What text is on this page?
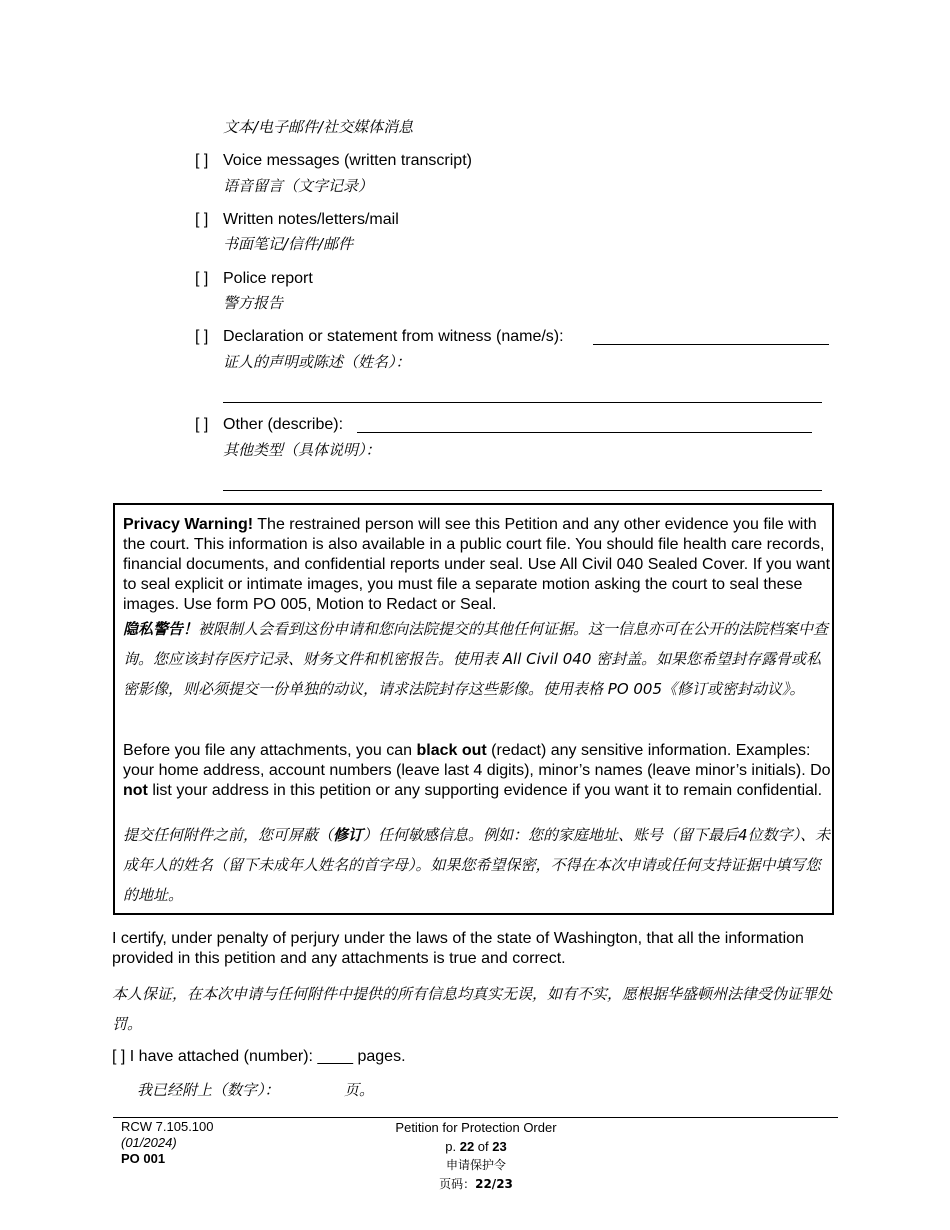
文本/电子邮件/社交媒体消息
[ ] Voice messages (written transcript)
语音留言（文字记录）
[ ] Written notes/letters/mail
书面笔记/信件/邮件
[ ] Police report
警方报告
[ ] Declaration or statement from witness (name/s):
证人的声明或陈述（姓名）：
[ ] Other (describe):
其他类型（具体说明）：
Privacy Warning! The restrained person will see this Petition and any other evidence you file with the court. This information is also available in a public court file. You should file health care records, financial documents, and confidential reports under seal. Use All Civil 040 Sealed Cover. If you want to seal explicit or intimate images, you must file a separate motion asking the court to seal these images. Use form PO 005, Motion to Redact or Seal.
隐私警告！被限制人会看到这份申请和您向法院提交的其他任何证据。这一信息亦可在公开的法院档案中查询。您应该封存医疗记录、财务文件和机密报告。使用表 All Civil 040 密封盖。如果您希望封存露骨或私密影像，则必须提交一份单独的动议，请求法院封存这些影像。使用表格 PO 005《修订或密封动议》。
Before you file any attachments, you can black out (redact) any sensitive information. Examples: your home address, account numbers (leave last 4 digits), minor’s names (leave minor’s initials). Do not list your address in this petition or any supporting evidence if you want it to remain confidential.
提交任何附件之前，您可屏蔽（修订）任何敏感信息。例如：您的家庭地址、账号（留下最后4位数字）、未成年人的姓名（留下未成年人姓名的首字母）。如果您希望保密，不得在本次申请或任何支持证据中填写您的地址。
I certify, under penalty of perjury under the laws of the state of Washington, that all the information provided in this petition and any attachments is true and correct.
本人保证，在本次申请与任何附件中提供的所有信息均真实无误，如有不实，愿根据华盛顿州法律受伪证罪处罚。
[ ] I have attached (number): ____ pages.
我已经附上（数字）：	页。
RCW 7.105.100
(01/2024)
PO 001
Petition for Protection Order
p. 22 of 23
申请保护令
页码：22/23
